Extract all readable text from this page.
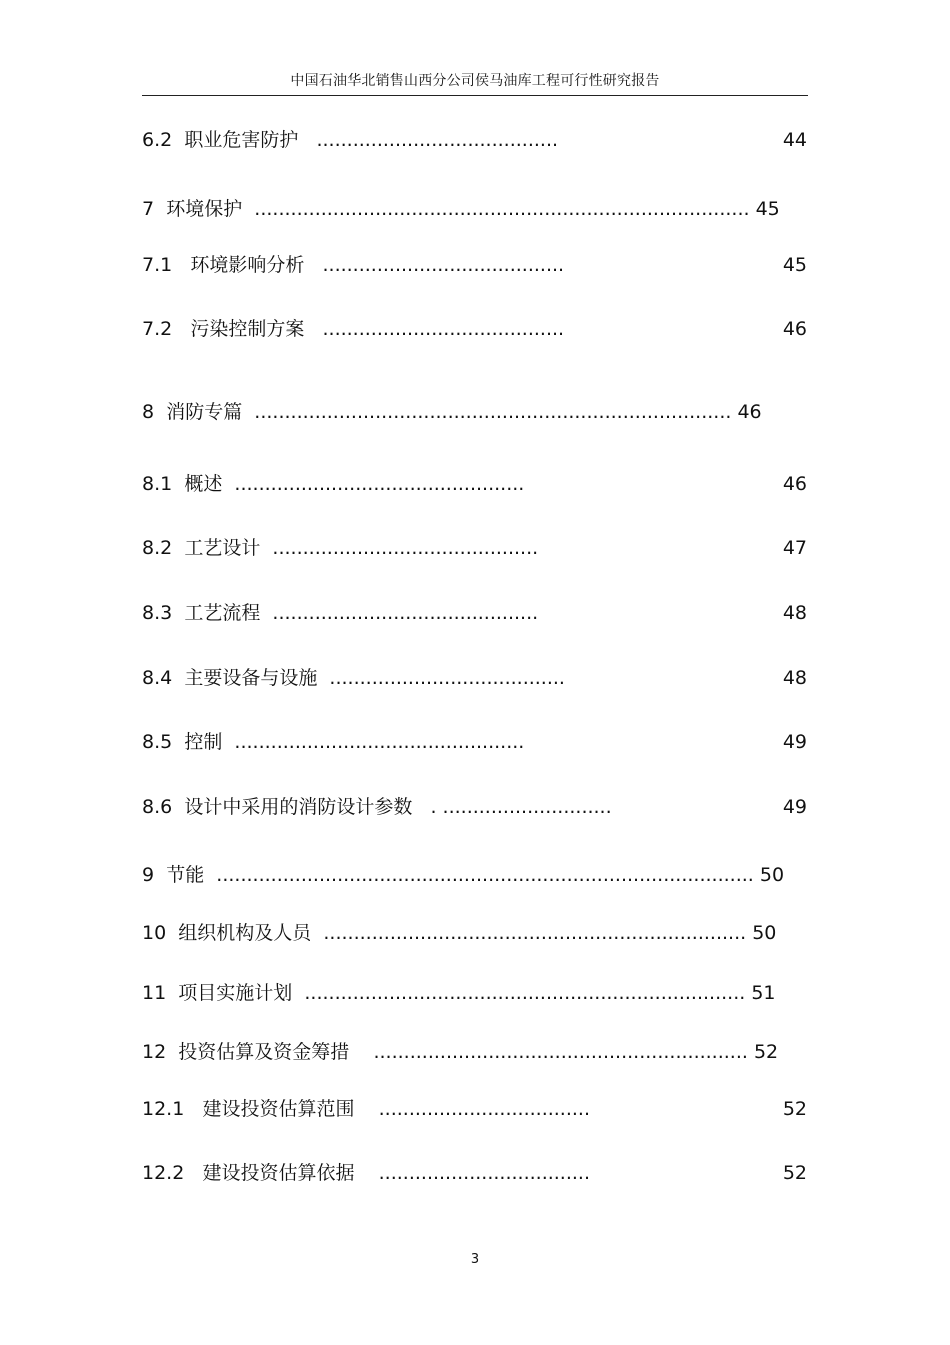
中国石油华北销售山西分公司侯马油库工程可行性研究报告
6.2 职业危害防护 ........................................	44
7 环境保护 .................................................................................. 45
7.1 环境影响分析 ........................................	45
7.2 污染控制方案 ........................................	46
8 消防专篇 ............................................................................... 46
8.1 概述 ................................................	46
8.2 工艺设计 ............................................	47
8.3 工艺流程 ............................................	48
8.4 主要设备与设施 .......................................	48
8.5 控制 ................................................	49
8.6 设计中采用的消防设计参数 . ............................	49
9 节能 ......................................................................................... 50
10 组织机构及人员 ...................................................................... 50
11 项目实施计划 ......................................................................... 51
12 投资估算及资金筹措 .............................................................. 52
12.1 建设投资估算范围 ...................................	52
12.2 建设投资估算依据 ...................................	52
3
